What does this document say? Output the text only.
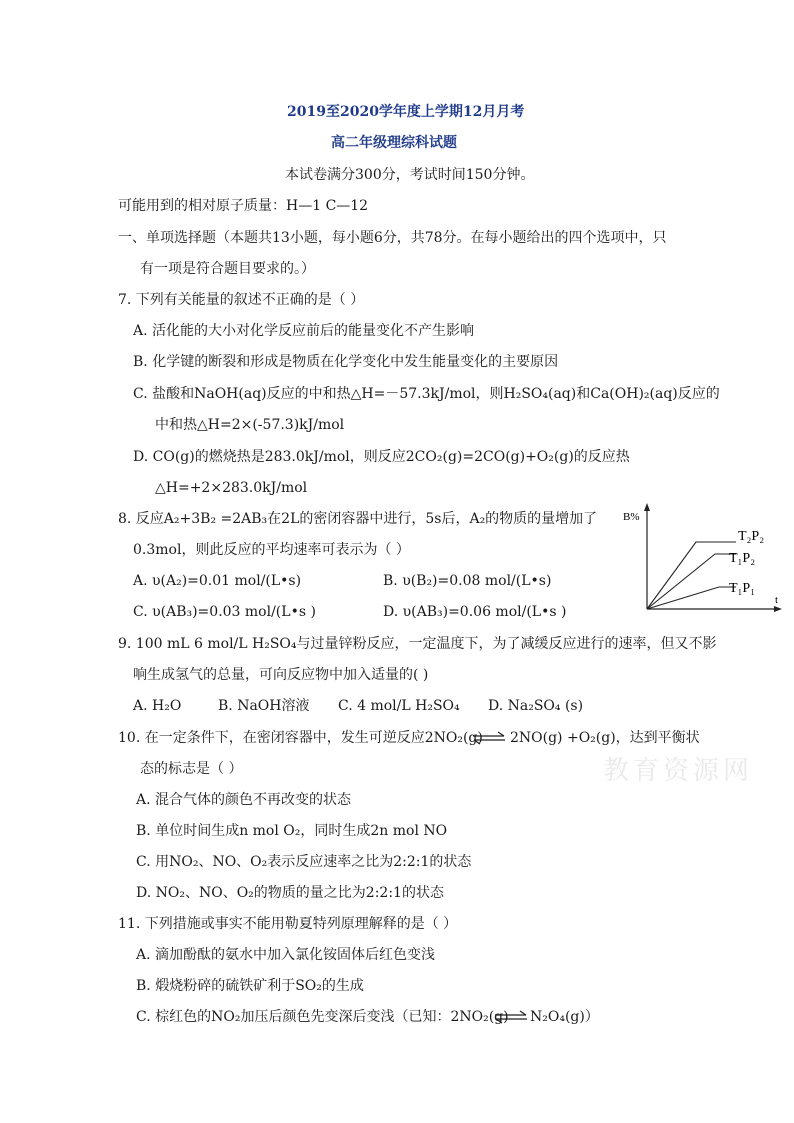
2019至2020学年度上学期12月月考
高二年级理综科试题
本试卷满分300分，考试时间150分钟。
可能用到的相对原子质量：H—1 C—12
一、单项选择题（本题共13小题，每小题6分，共78分。在每小题给出的四个选项中，只
有一项是符合题目要求的。）
7. 下列有关能量的叙述不正确的是（ ）
A. 活化能的大小对化学反应前后的能量变化不产生影响
B. 化学键的断裂和形成是物质在化学变化中发生能量变化的主要原因
C. 盐酸和NaOH(aq)反应的中和热△H=－57.3kJ/mol，则H₂SO₄(aq)和Ca(OH)₂(aq)反应的
中和热△H=2×(-57.3)kJ/mol
D. CO(g)的燃烧热是283.0kJ/mol，则反应2CO₂(g)=2CO(g)+O₂(g)的反应热
△H=+2×283.0kJ/mol
8. 反应A₂+3B₂ =2AB₃在2L的密闭容器中进行，5s后，A₂的物质的量增加了
0.3mol，则此反应的平均速率可表示为（ ）
A. υ(A₂)=0.01 mol/(L•s)	B. υ(B₂)=0.08 mol/(L•s)
C. υ(AB₃)=0.03 mol/(L•s )	D. υ(AB₃)=0.06 mol/(L•s )
B%
t
T₂P₂
T₁P₂
T₁P₁
9. 100 mL 6 mol/L H₂SO₄与过量锌粉反应，一定温度下，为了减缓反应进行的速率，但又不影
响生成氢气的总量，可向反应物中加入适量的( )
A. H₂O	B. NaOH溶液 C. 4 mol/L H₂SO₄ D. Na₂SO₄ (s)
10. 在一定条件下，在密闭容器中，发生可逆反应2NO₂(g) ⇌ 2NO(g) +O₂(g)，达到平衡状
态的标志是（ ）
A. 混合气体的颜色不再改变的状态
B. 单位时间生成n mol O₂，同时生成2n mol NO
C. 用NO₂、NO、O₂表示反应速率之比为2:2:1的状态
D. NO₂、NO、O₂的物质的量之比为2:2:1的状态
教育资源网
11. 下列措施或事实不能用勒夏特列原理解释的是（ ）
A. 滴加酚酞的氨水中加入氯化铵固体后红色变浅
B. 煅烧粉碎的硫铁矿利于SO₂的生成
C. 棕红色的NO₂加压后颜色先变深后变浅（已知：2NO₂(g) ⇌ N₂O₄(g)）
